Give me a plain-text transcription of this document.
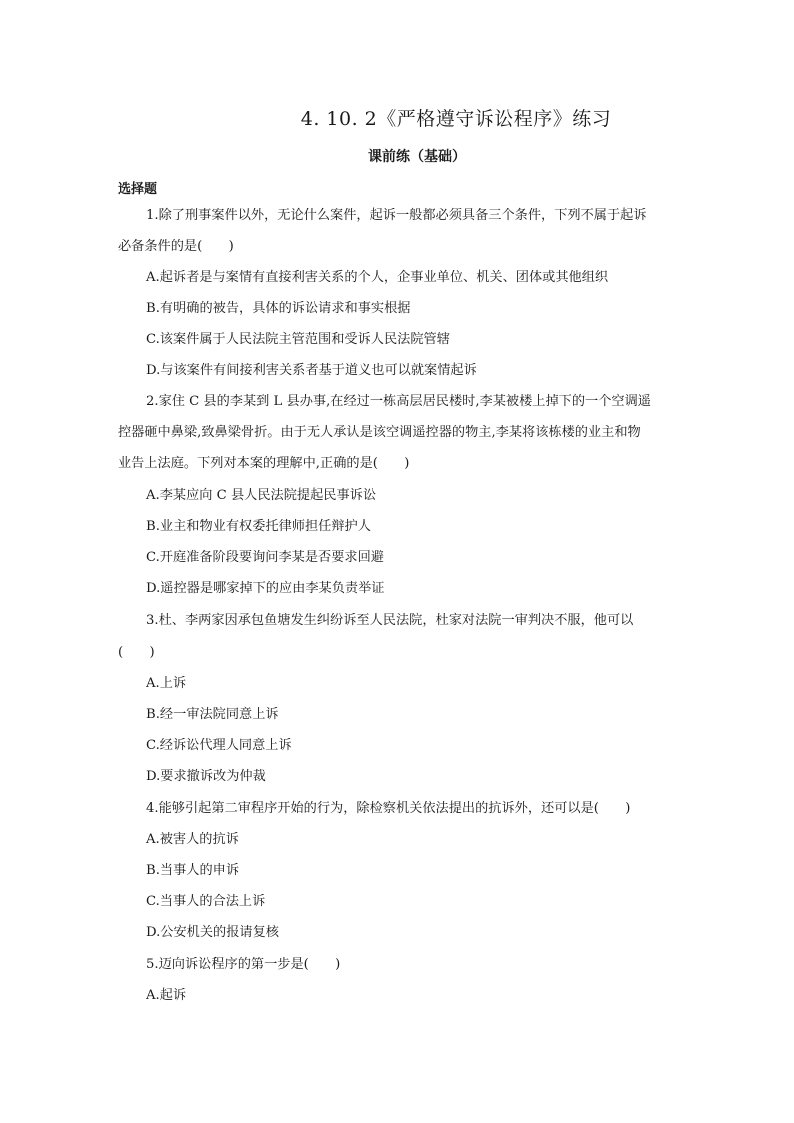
4. 10. 2《严格遵守诉讼程序》练习
课前练（基础）
选择题
1.除了刑事案件以外，无论什么案件，起诉一般都必须具备三个条件，下列不属于起诉
必备条件的是(　　)
A.起诉者是与案情有直接利害关系的个人，企事业单位、机关、团体或其他组织
B.有明确的被告，具体的诉讼请求和事实根据
C.该案件属于人民法院主管范围和受诉人民法院管辖
D.与该案件有间接利害关系者基于道义也可以就案情起诉
2.家住 C 县的李某到 L 县办事,在经过一栋高层居民楼时,李某被楼上掉下的一个空调遥
控器砸中鼻梁,致鼻梁骨折。由于无人承认是该空调遥控器的物主,李某将该栋楼的业主和物
业告上法庭。下列对本案的理解中,正确的是(　　)
A.李某应向 C 县人民法院提起民事诉讼
B.业主和物业有权委托律师担任辩护人
C.开庭准备阶段要询问李某是否要求回避
D.遥控器是哪家掉下的应由李某负责举证
3.杜、李两家因承包鱼塘发生纠纷诉至人民法院，杜家对法院一审判决不服，他可以
(　　)
A.上诉
B.经一审法院同意上诉
C.经诉讼代理人同意上诉
D.要求撤诉改为仲裁
4.能够引起第二审程序开始的行为，除检察机关依法提出的抗诉外，还可以是(　　)
A.被害人的抗诉
B.当事人的申诉
C.当事人的合法上诉
D.公安机关的报请复核
5.迈向诉讼程序的第一步是(　　)
A.起诉
